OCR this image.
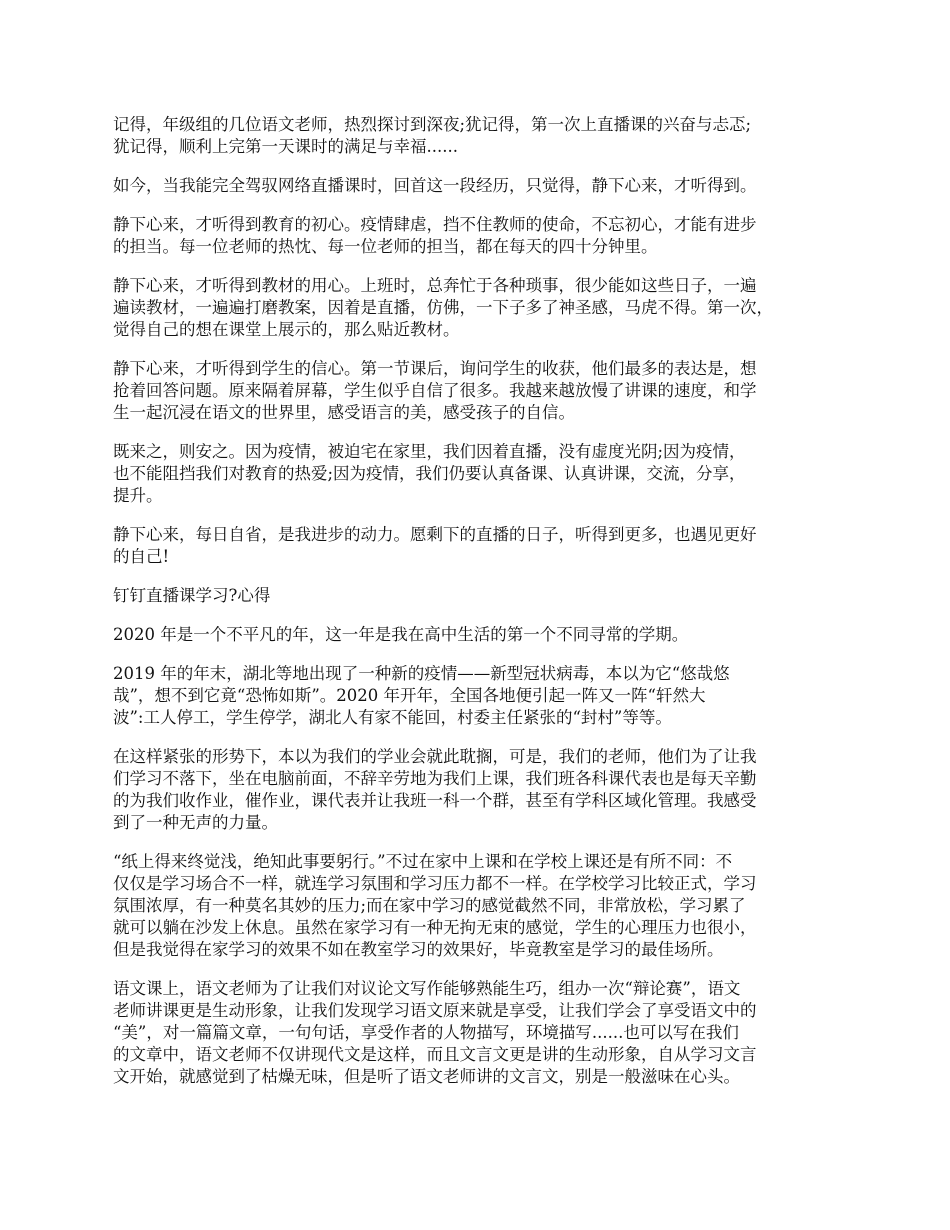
记得，年级组的几位语文老师，热烈探讨到深夜;犹记得，第一次上直播课的兴奋与忐忑;
犹记得，顺利上完第一天课时的满足与幸福......

如今，当我能完全驾驭网络直播课时，回首这一段经历，只觉得，静下心来，才听得到。

静下心来，才听得到教育的初心。疫情肆虐，挡不住教师的使命，不忘初心，才能有进步
的担当。每一位老师的热忱、每一位老师的担当，都在每天的四十分钟里。

静下心来，才听得到教材的用心。上班时，总奔忙于各种琐事，很少能如这些日子，一遍
遍读教材，一遍遍打磨教案，因着是直播，仿佛，一下子多了神圣感，马虎不得。第一次，
觉得自己的想在课堂上展示的，那么贴近教材。

静下心来，才听得到学生的信心。第一节课后，询问学生的收获，他们最多的表达是，想
抢着回答问题。原来隔着屏幕，学生似乎自信了很多。我越来越放慢了讲课的速度，和学
生一起沉浸在语文的世界里，感受语言的美，感受孩子的自信。

既来之，则安之。因为疫情，被迫宅在家里，我们因着直播，没有虚度光阴;因为疫情，
也不能阻挡我们对教育的热爱;因为疫情，我们仍要认真备课、认真讲课，交流，分享，
提升。

静下心来，每日自省，是我进步的动力。愿剩下的直播的日子，听得到更多，也遇见更好
的自己!

钉钉直播课学习?心得

2020 年是一个不平凡的年，这一年是我在高中生活的第一个不同寻常的学期。

2019 年的年末，湖北等地出现了一种新的疫情——新型冠状病毒，本以为它“悠哉悠
哉”，想不到它竟“恐怖如斯”。2020 年开年，全国各地便引起一阵又一阵“轩然大
波”:工人停工，学生停学，湖北人有家不能回，村委主任紧张的“封村”等等。

在这样紧张的形势下，本以为我们的学业会就此耽搁，可是，我们的老师，他们为了让我
们学习不落下，坐在电脑前面，不辞辛劳地为我们上课，我们班各科课代表也是每天辛勤
的为我们收作业，催作业，课代表并让我班一科一个群，甚至有学科区域化管理。我感受
到了一种无声的力量。

“纸上得来终觉浅，绝知此事要躬行。”不过在家中上课和在学校上课还是有所不同：不
仅仅是学习场合不一样，就连学习氛围和学习压力都不一样。在学校学习比较正式，学习
氛围浓厚，有一种莫名其妙的压力;而在家中学习的感觉截然不同，非常放松，学习累了
就可以躺在沙发上休息。虽然在家学习有一种无拘无束的感觉，学生的心理压力也很小，
但是我觉得在家学习的效果不如在教室学习的效果好，毕竟教室是学习的最佳场所。

语文课上，语文老师为了让我们对议论文写作能够熟能生巧，组办一次“辩论赛”，语文
老师讲课更是生动形象，让我们发现学习语文原来就是享受，让我们学会了享受语文中的
“美”，对一篇篇文章，一句句话，享受作者的人物描写，环境描写......也可以写在我们
的文章中，语文老师不仅讲现代文是这样，而且文言文更是讲的生动形象，自从学习文言
文开始，就感觉到了枯燥无味，但是听了语文老师讲的文言文，别是一般滋味在心头。
